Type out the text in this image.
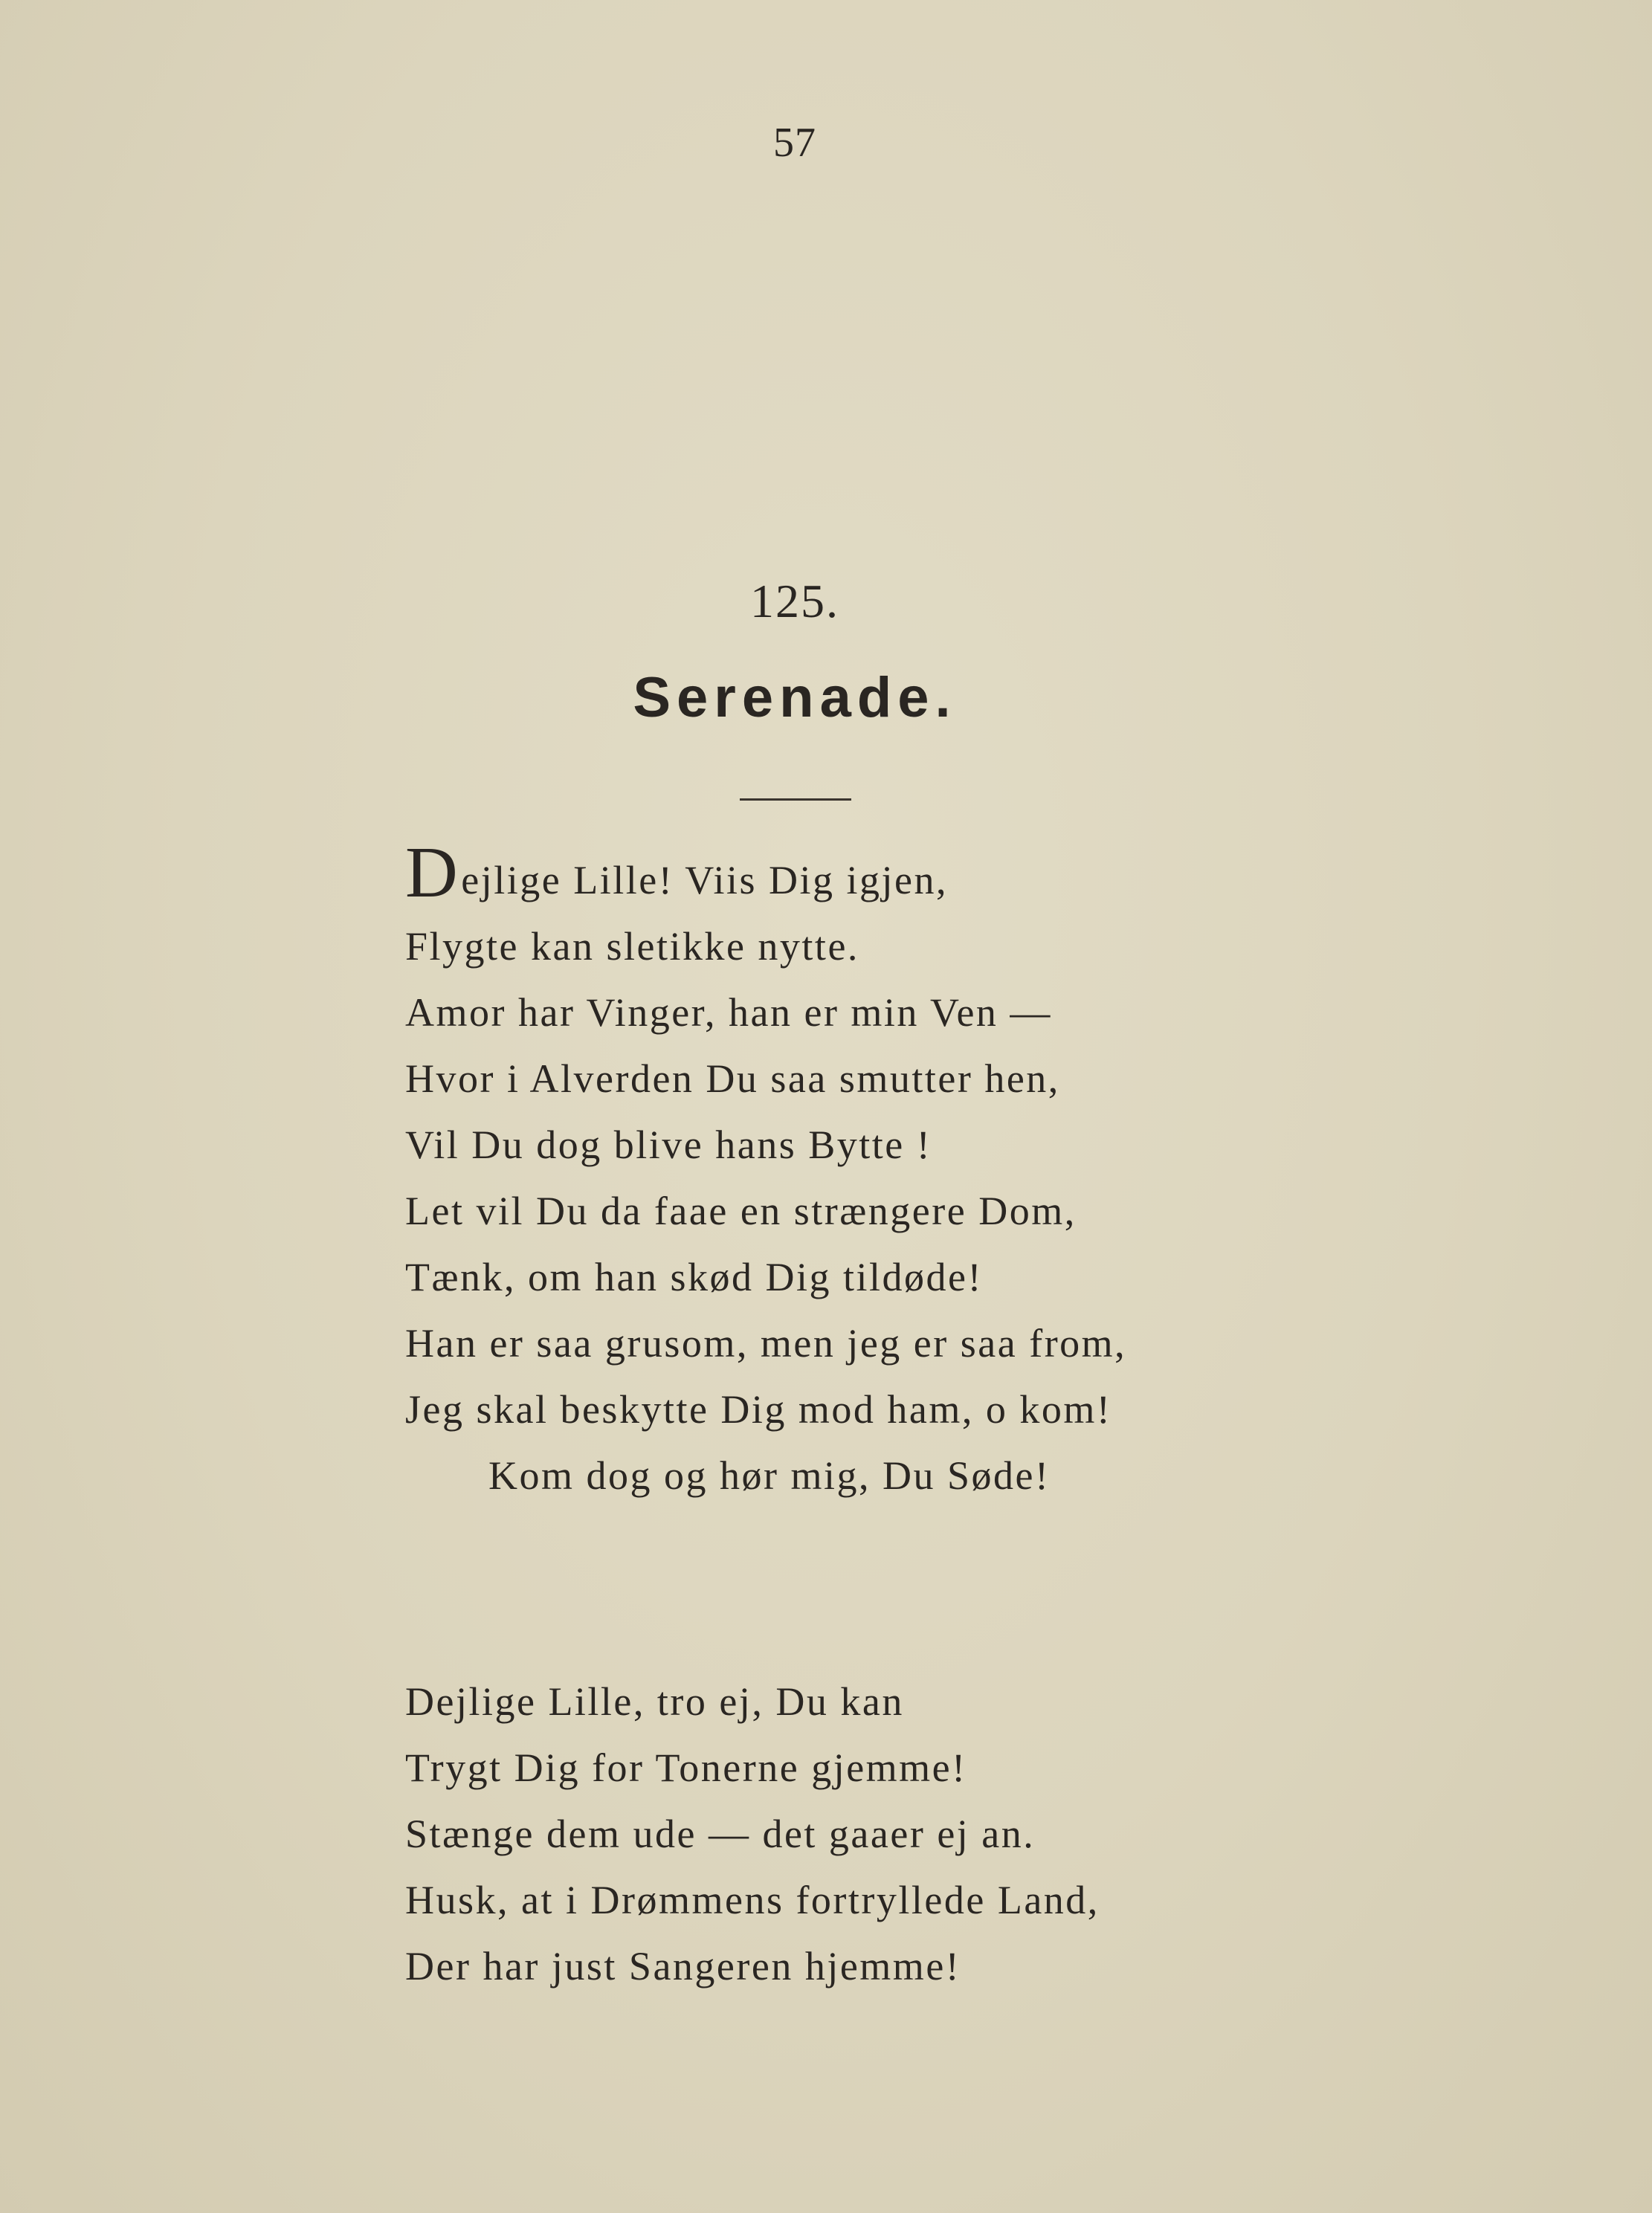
57
125.
Serenade.
Dejlige Lille! Viis Dig igjen,
Flygte kan sletikke nytte.
Amor har Vinger, han er min Ven —
Hvor i Alverden Du saa smutter hen,
Vil Du dog blive hans Bytte !
Let vil Du da faae en strængere Dom,
Tænk, om han skød Dig tildøde!
Han er saa grusom, men jeg er saa from,
Jeg skal beskytte Dig mod ham, o kom!
Kom dog og hør mig, Du Søde!
Dejlige Lille, tro ej, Du kan
Trygt Dig for Tonerne gjemme!
Stænge dem ude — det gaaer ej an.
Husk, at i Drømmens fortryllede Land,
Der har just Sangeren hjemme!
